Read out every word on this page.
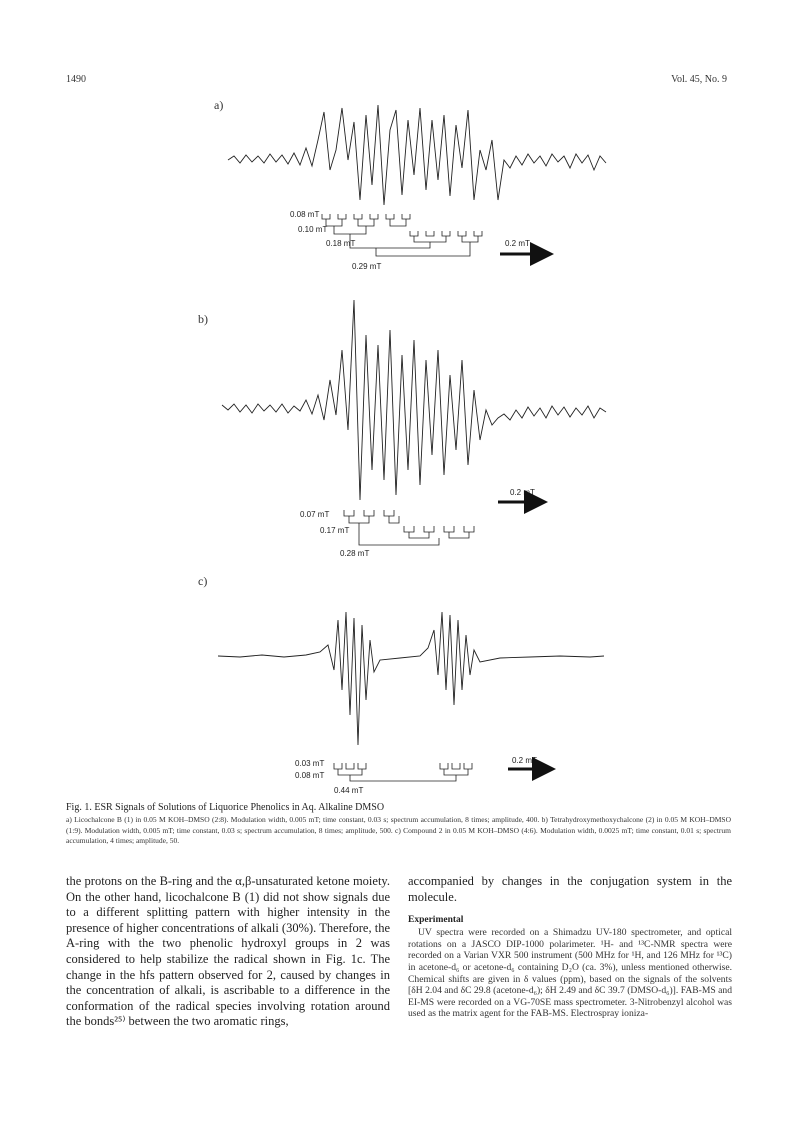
1490	Vol. 45, No. 9
a)
b)
c)
0.08 mT
0.10 mT
0.18 mT
0.29 mT
0.2 mT
0.07 mT
0.17 mT
0.28 mT
0.2 mT
0.03 mT
0.08 mT
0.44 mT
0.2 mT
Fig. 1. ESR Signals of Solutions of Liquorice Phenolics in Aq. Alkaline DMSO
a) Licochalcone B (1) in 0.05 M KOH–DMSO (2:8). Modulation width, 0.005 mT; time constant, 0.03 s; spectrum accumulation, 8 times; amplitude, 400. b) Tetrahydroxymethoxychalcone (2) in 0.05 M KOH–DMSO (1:9). Modulation width, 0.005 mT; time constant, 0.03 s; spectrum accumulation, 8 times; amplitude, 500. c) Compound 2 in 0.05 M KOH–DMSO (4:6). Modulation width, 0.0025 mT; time constant, 0.01 s; spectrum accumulation, 4 times; amplitude, 50.

the protons on the B-ring and the α,β-unsaturated ketone moiety. On the other hand, licochalcone B (1) did not show signals due to a different splitting pattern with higher intensity in the presence of higher concentrations of alkali (30%). Therefore, the A-ring with the two phenolic hydroxyl groups in 2 was considered to help stabilize the radical shown in Fig. 1c. The change in the hfs pattern observed for 2, caused by changes in the concentration of alkali, is ascribable to a difference in the conformation of the radical species involving rotation around the bonds²⁵⁾ between the two aromatic rings,

accompanied by changes in the conjugation system in the molecule.

Experimental

UV spectra were recorded on a Shimadzu UV-180 spectrometer, and optical rotations on a JASCO DIP-1000 polarimeter. ¹H- and ¹³C-NMR spectra were recorded on a Varian VXR 500 instrument (500 MHz for ¹H, and 126 MHz for ¹³C) in acetone-d₆ or acetone-d₆ containing D₂O (ca. 3%), unless mentioned otherwise. Chemical shifts are given in δ values (ppm), based on the signals of the solvents [δH 2.04 and δC 29.8 (acetone-d₆); δH 2.49 and δC 39.7 (DMSO-d₆)]. FAB-MS and EI-MS were recorded on a VG-70SE mass spectrometer. 3-Nitrobenzyl alcohol was used as the matrix agent for the FAB-MS. Electrospray ioniza-
